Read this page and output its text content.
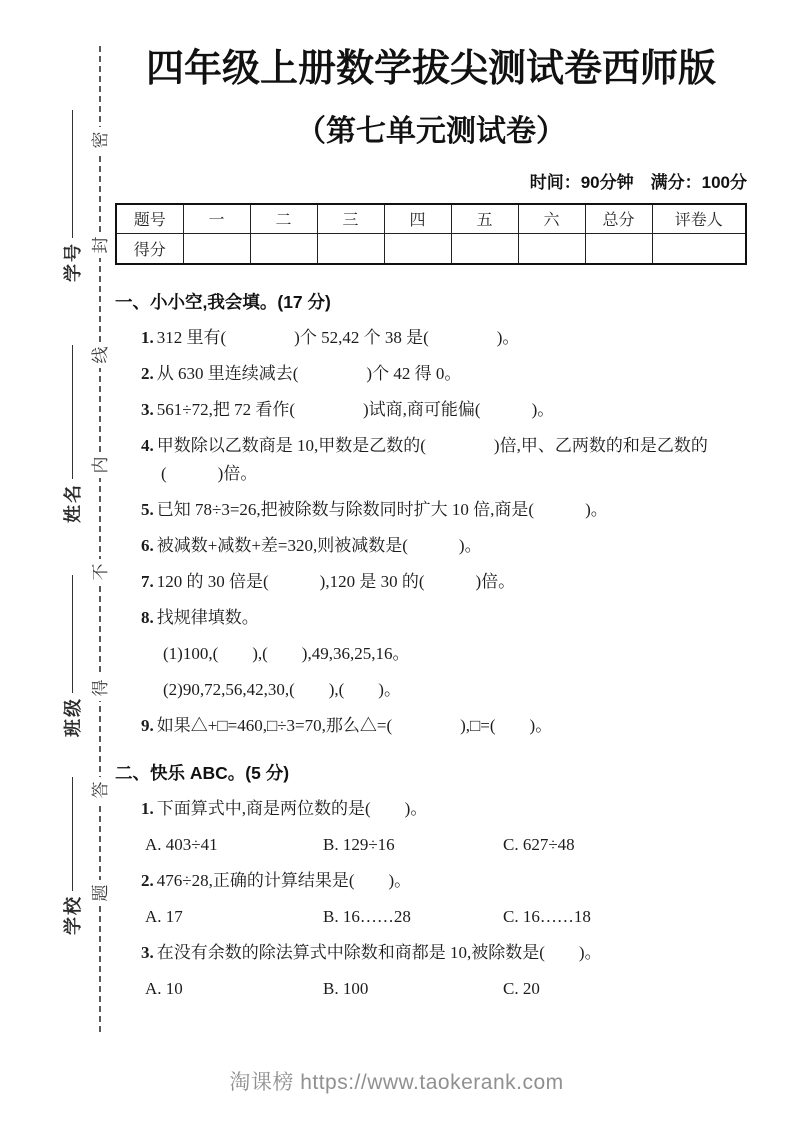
密
封
线
内
不
得
答
题
学号
姓名
班级
学校
四年级上册数学拔尖测试卷西师版
（第七单元测试卷）
时间：90分钟　满分：100分
题号	一	二	三	四	五	六	总分	评卷人
得分								
一、小小空,我会填。(17 分)
1. 312 里有(　　　　)个 52,42 个 38 是(　　　　)。
2. 从 630 里连续减去(　　　　)个 42 得 0。
3. 561÷72,把 72 看作(　　　　)试商,商可能偏(　　　)。
4. 甲数除以乙数商是 10,甲数是乙数的(　　　　)倍,甲、乙两数的和是乙数的
(　　　)倍。
5. 已知 78÷3=26,把被除数与除数同时扩大 10 倍,商是(　　　)。
6. 被减数+减数+差=320,则被减数是(　　　)。
7. 120 的 30 倍是(　　　),120 是 30 的(　　　)倍。
8. 找规律填数。
(1)100,(　　),(　　),49,36,25,16。
(2)90,72,56,42,30,(　　),(　　)。
9. 如果△+□=460,□÷3=70,那么△=(　　　　),□=(　　)。
二、快乐 ABC。(5 分)
1. 下面算式中,商是两位数的是(　　)。
A. 403÷41	B. 129÷16	C. 627÷48
2. 476÷28,正确的计算结果是(　　)。
A. 17	B. 16……28	C. 16……18
3. 在没有余数的除法算式中除数和商都是 10,被除数是(　　)。
A. 10	B. 100	C. 20
淘课榜 https://www.taokerank.com
